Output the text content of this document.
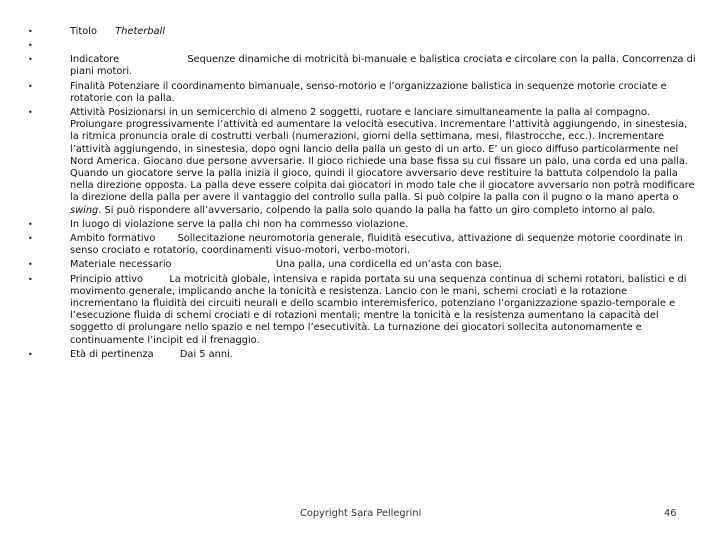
•	Titolo Theterball
•
•	Indicatore	Sequenze dinamiche di motricità bi-manuale e balistica crociata e circolare con la palla. Concorrenza di piani motori.
•	Finalità Potenziare il coordinamento bimanuale, senso-motorio e l’organizzazione balistica in sequenze motorie crociate e rotatorie con la palla.
•	Attività Posizionarsi in un semicerchio di almeno 2 soggetti, ruotare e lanciare simultaneamente la palla al compagno. Prolungare progressivamente l’attività ed aumentare la velocità esecutiva. Incrementare l’attività aggiungendo, in sinestesia, la ritmica pronuncia orale di costrutti verbali (numerazioni, giorni della settimana, mesi, filastrocche, ecc.). Incrementare l’attività aggiungendo, in sinestesia, dopo ogni lancio della palla un gesto di un arto. E’ un gioco diffuso particolarmente nel Nord America. Giocano due persone avversarie. Il gioco richiede una base fissa su cui fissare un palo, una corda ed una palla. Quando un giocatore serve la palla inizia il gioco, quindi il giocatore avversario deve restituire la battuta colpendolo la palla nella direzione opposta. La palla deve essere colpita dai giocatori in modo tale che il giocatore avversario non potrà modificare la direzione della palla per avere il vantaggio del controllo sulla palla. Si può colpire la palla con il pugno o la mano aperta o swing. Si può rispondere all’avversario, colpendo la palla solo quando la palla ha fatto un giro completo intorno al palo.
•	In luogo di violazione serve la palla chi non ha commesso violazione.
•	Ambito formativo Sollecitazione neuromotoria generale, fluidità esecutiva, attivazione di sequenze motorie coordinate in senso crociato e rotatorio, coordinamenti visuo-motori, verbo-motori.
•	Materiale necessario	Una palla, una cordicella ed un’asta con base.
•	Principio attivo	La motricità globale, intensiva e rapida portata su una sequenza continua di schemi rotatori, balistici e di movimento generale, implicando anche la tonicità e resistenza. Lancio con le mani, schemi crociati e la rotazione incrementano la fluidità dei circuiti neurali e dello scambio interemisferico, potenziano l’organizzazione spazio-temporale e l’esecuzione fluida di schemi crociati e di rotazioni mentali; mentre la tonicità e la resistenza aumentano la capacità del soggetto di prolungare nello spazio e nel tempo l’esecutività. La turnazione dei giocatori sollecita autonomamente e continuamente l’incipit ed il frenaggio.
•	Età di pertinenza	Dai 5 anni.
Copyright Sara Pellegrini	46
